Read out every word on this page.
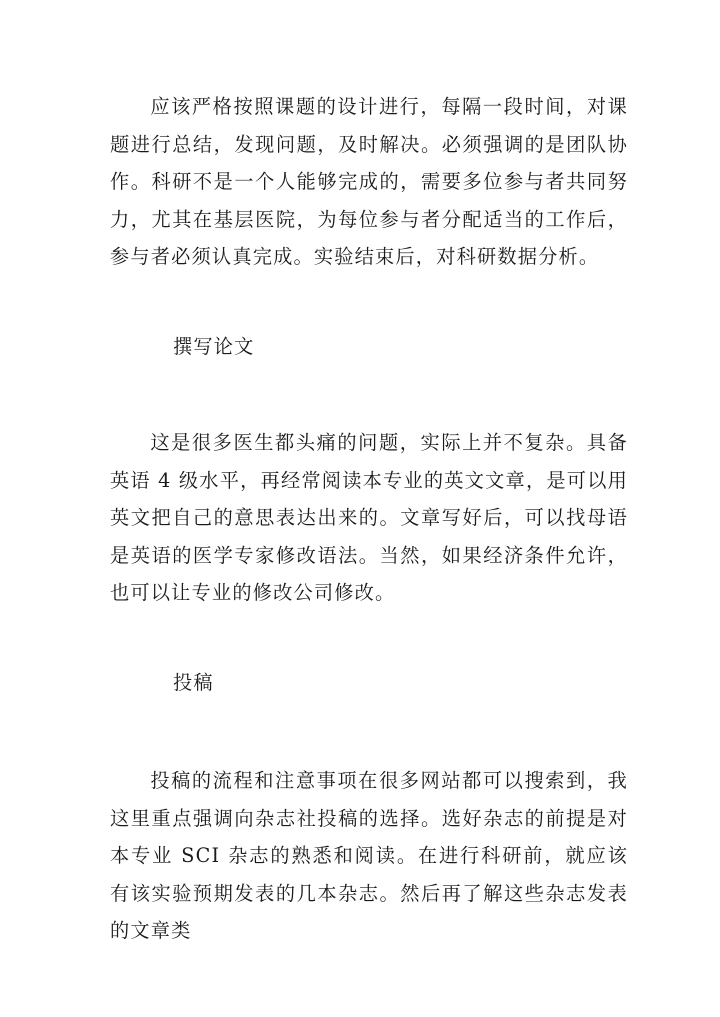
应该严格按照课题的设计进行，每隔一段时间，对课题进行总结，发现问题，及时解决。必须强调的是团队协作。科研不是一个人能够完成的，需要多位参与者共同努力，尤其在基层医院，为每位参与者分配适当的工作后，参与者必须认真完成。实验结束后，对科研数据分析。

撰写论文

这是很多医生都头痛的问题，实际上并不复杂。具备英语 4 级水平，再经常阅读本专业的英文文章，是可以用英文把自己的意思表达出来的。文章写好后，可以找母语是英语的医学专家修改语法。当然，如果经济条件允许，也可以让专业的修改公司修改。

投稿

投稿的流程和注意事项在很多网站都可以搜索到，我这里重点强调向杂志社投稿的选择。选好杂志的前提是对本专业 SCI 杂志的熟悉和阅读。在进行科研前，就应该有该实验预期发表的几本杂志。然后再了解这些杂志发表的文章类
